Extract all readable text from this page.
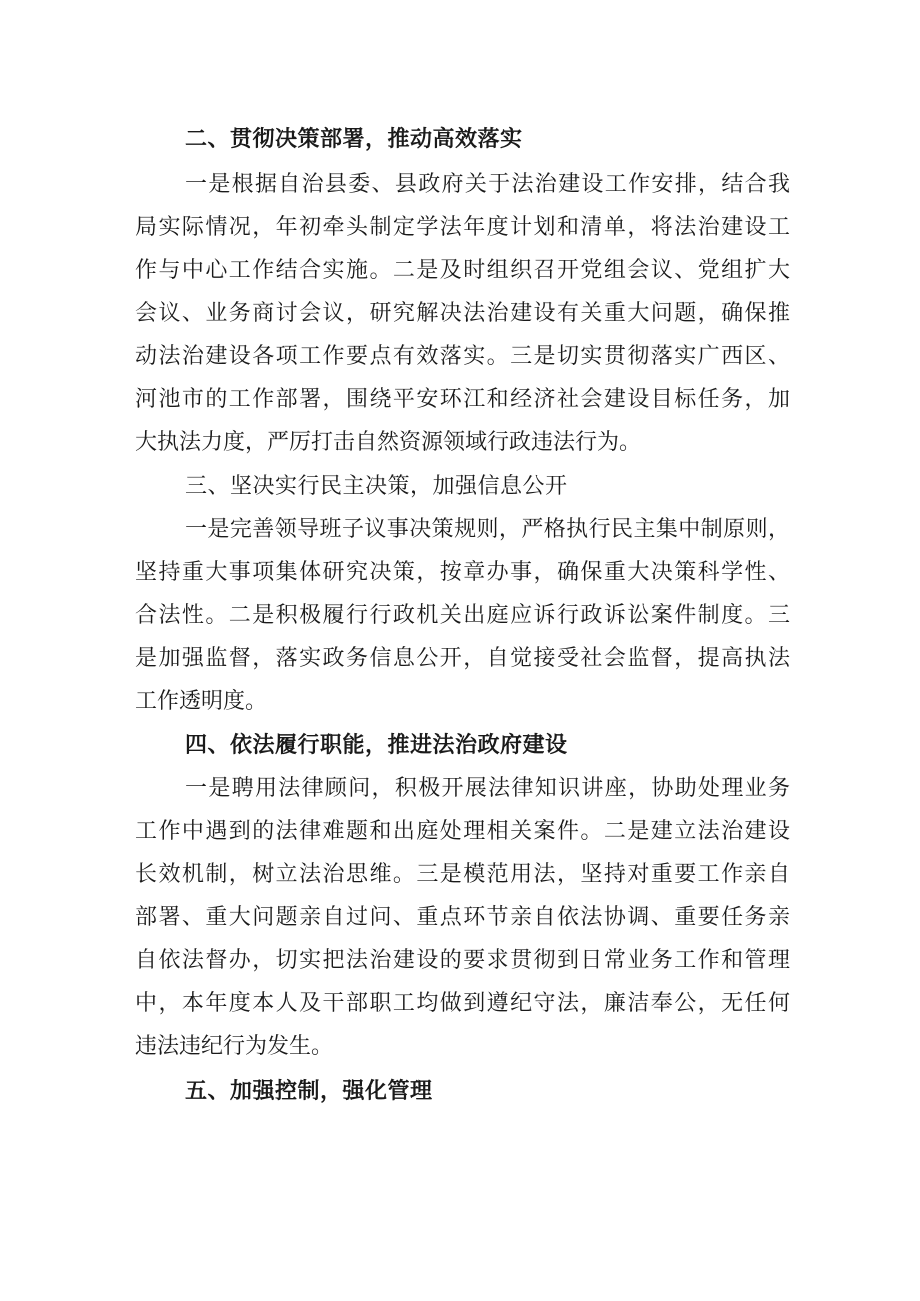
二、贯彻决策部署，推动高效落实
一是根据自治县委、县政府关于法治建设工作安排，结合我
局实际情况，年初牵头制定学法年度计划和清单，将法治建设工
作与中心工作结合实施。二是及时组织召开党组会议、党组扩大
会议、业务商讨会议，研究解决法治建设有关重大问题，确保推
动法治建设各项工作要点有效落实。三是切实贯彻落实广西区、
河池市的工作部署，围绕平安环江和经济社会建设目标任务，加
大执法力度，严厉打击自然资源领域行政违法行为。
三、坚决实行民主决策，加强信息公开
一是完善领导班子议事决策规则，严格执行民主集中制原则，
坚持重大事项集体研究决策，按章办事，确保重大决策科学性、
合法性。二是积极履行行政机关出庭应诉行政诉讼案件制度。三
是加强监督，落实政务信息公开，自觉接受社会监督，提高执法
工作透明度。
四、依法履行职能，推进法治政府建设
一是聘用法律顾问，积极开展法律知识讲座，协助处理业务
工作中遇到的法律难题和出庭处理相关案件。二是建立法治建设
长效机制，树立法治思维。三是模范用法，坚持对重要工作亲自
部署、重大问题亲自过问、重点环节亲自依法协调、重要任务亲
自依法督办，切实把法治建设的要求贯彻到日常业务工作和管理
中，本年度本人及干部职工均做到遵纪守法，廉洁奉公，无任何
违法违纪行为发生。
五、加强控制，强化管理
